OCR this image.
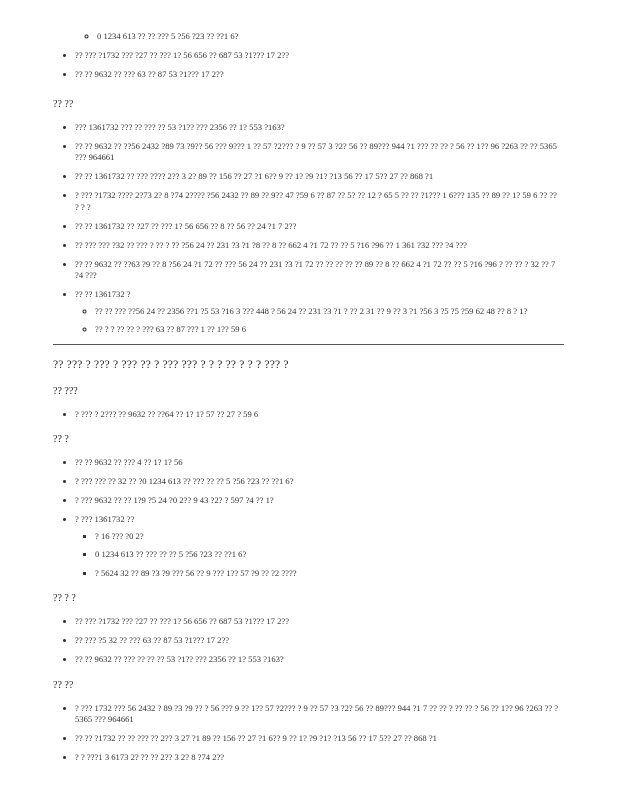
◦ 0 1234 613 ?? ?? ??? 5 ?56 ?23 ?? ??1 6?
• ?? ??? ?1732 ??? ?27 ?? ??? 1? 56 656 ?? 687 53 ?1??? 17 2??
• ?? ?? 9632 ?? ??? 63 ?? 87 53 ?1??? 17 2??
?? ??
• ??? 1361732 ??? ?? ??? ?? 53 ?1?? ??? 2356 ?? 1? 553 ?163?
• ?? ?? 9632 ?? ??56 2432 ?89 73 ?9?? 56 ??? 9??? 1 ?? 57 ?2??? ? 9 ?? 57 3 ?2? 56 ?? 89??? 944 ?1 ??? ?? ?? ? 56 ?? 1?? 96 ?263 ?? ?? 5365 ??? 964661
• ?? ?? 1361732 ?? ??? ???? 2?? 3 2? 89 ?? 156 ?? 27 ?1 6?? 9 ?? 1? ?9 ?1? ?13 56 ?? 17 5?? 27 ?? 868 ?1
• ? ??? ?1732 ???? 2?73 2? 8 ?74 2???? ?56 2432 ?? 89 ?? 9?? 47 ?59 6 ?? 87 ?? 5? ?? 12 ? 65 5 ?? ?? ?1??? 1 6??? 135 ?? 89 ?? 1? 59 6 ?? ?? ? ? ?
• ?? ?? 1361732 ?? ?27 ?? ??? 1? 56 656 ?? 8 ?? 56 ?? 24 ?1 7 2??
• ?? ??? ??? ?32 ?? ??? ? ?? ? ?? ?56 24 ?? 231 ?3 ?1 ?8 ?? 8 ?? 662 4 ?1 72 ?? ?? 5 ?16 ?96 ?? 1 361 ?32 ??? ?4 ???
• ?? ?? 9632 ?? ??63 ?9 ?? 8 ?56 24 ?1 72 ?? ??? 56 24 ?? 231 ?3 ?1 72 ?? ?? ?? ?? ?? 89 ?? 8 ?? 662 4 ?1 72 ?? ?? 5 ?16 ?96 ? ?? ?? ? 32 ?? 7 ?4 ???
• ?? ?? 1361732 ?
◦ ?? ?? ??? ??56 24 ?? 2356 ??1 ?5 53 ?16 3 ??? 448 ? 56 24 ?? 231 ?3 ?1 ? ?? 2 31 ?? 9 ?? 3 ?1 ?56 3 ?5 ?5 ?59 62 48 ?? 8 ? 1?
◦ ?? ? ? ?? ?? ? ??? 63 ?? 87 ??? 1 ?? 1?? 59 6
?? ??? ? ??? ? ??? ?? ? ??? ??? ? ? ? ?? ? ? ? ??? ?
?? ???
• ? ??? ? 2??? ?? 9632 ?? ??64 ?? 1? 1? 57 ?? 27 ? 59 6
?? ?
• ?? ?? 9632 ?? ??? 4 ?? 1? 1? 56
• ? ??? ??? ?? 32 ?? ?0 1234 613 ?? ??? ?? ?? 5 ?56 ?23 ?? ??1 6?
• ? ??? 9632 ?? ?? 1?9 ?5 24 ?0 2?? 9 43 ?2? ? 597 ?4 ?? 1?
• ? ??? 1361732 ??
▪ ? 16 ??? ?0 2?
▪ 0 1234 613 ?? ??? ?? ?? 5 ?56 ?23 ?? ??1 6?
▪ ? 5624 32 ?? 89 ?3 ?9 ??? 56 ?? 9 ??? 1?? 57 ?9 ?? ?2 ????
?? ? ?
• ?? ??? ?1732 ??? ?27 ?? ??? 1? 56 656 ?? 687 53 ?1??? 17 2??
• ?? ??? ?5 32 ?? ??? 63 ?? 87 53 ?1??? 17 2??
• ?? ?? 9632 ?? ??? ?? ?? ?? 53 ?1?? ??? 2356 ?? 1? 553 ?163?
?? ??
• ? ??? 1732 ??? 56 2432 ? 89 ?3 ?9 ?? ? 56 ??? 9 ?? 1?? 57 ?2??? ? 9 ?? 57 ?3 ?2? 56 ?? 89??? 944 ?1 7 ?? ?? ? ?? ?? ? 56 ?? 1?? 96 ?263 ?? ?5365 ??? 964661
• ?? ?? ?1732 ?? ?? ??? ?? 2?? 3 27 ?1 89 ?? 156 ?? 27 ?1 6?? 9 ?? 1? ?9 ?1? ?13 56 ?? 17 5?? 27 ?? 868 ?1
• ? ? ???1 3 6173 2? ?? ?? 2?? 3 2? 8 ?74 2??
